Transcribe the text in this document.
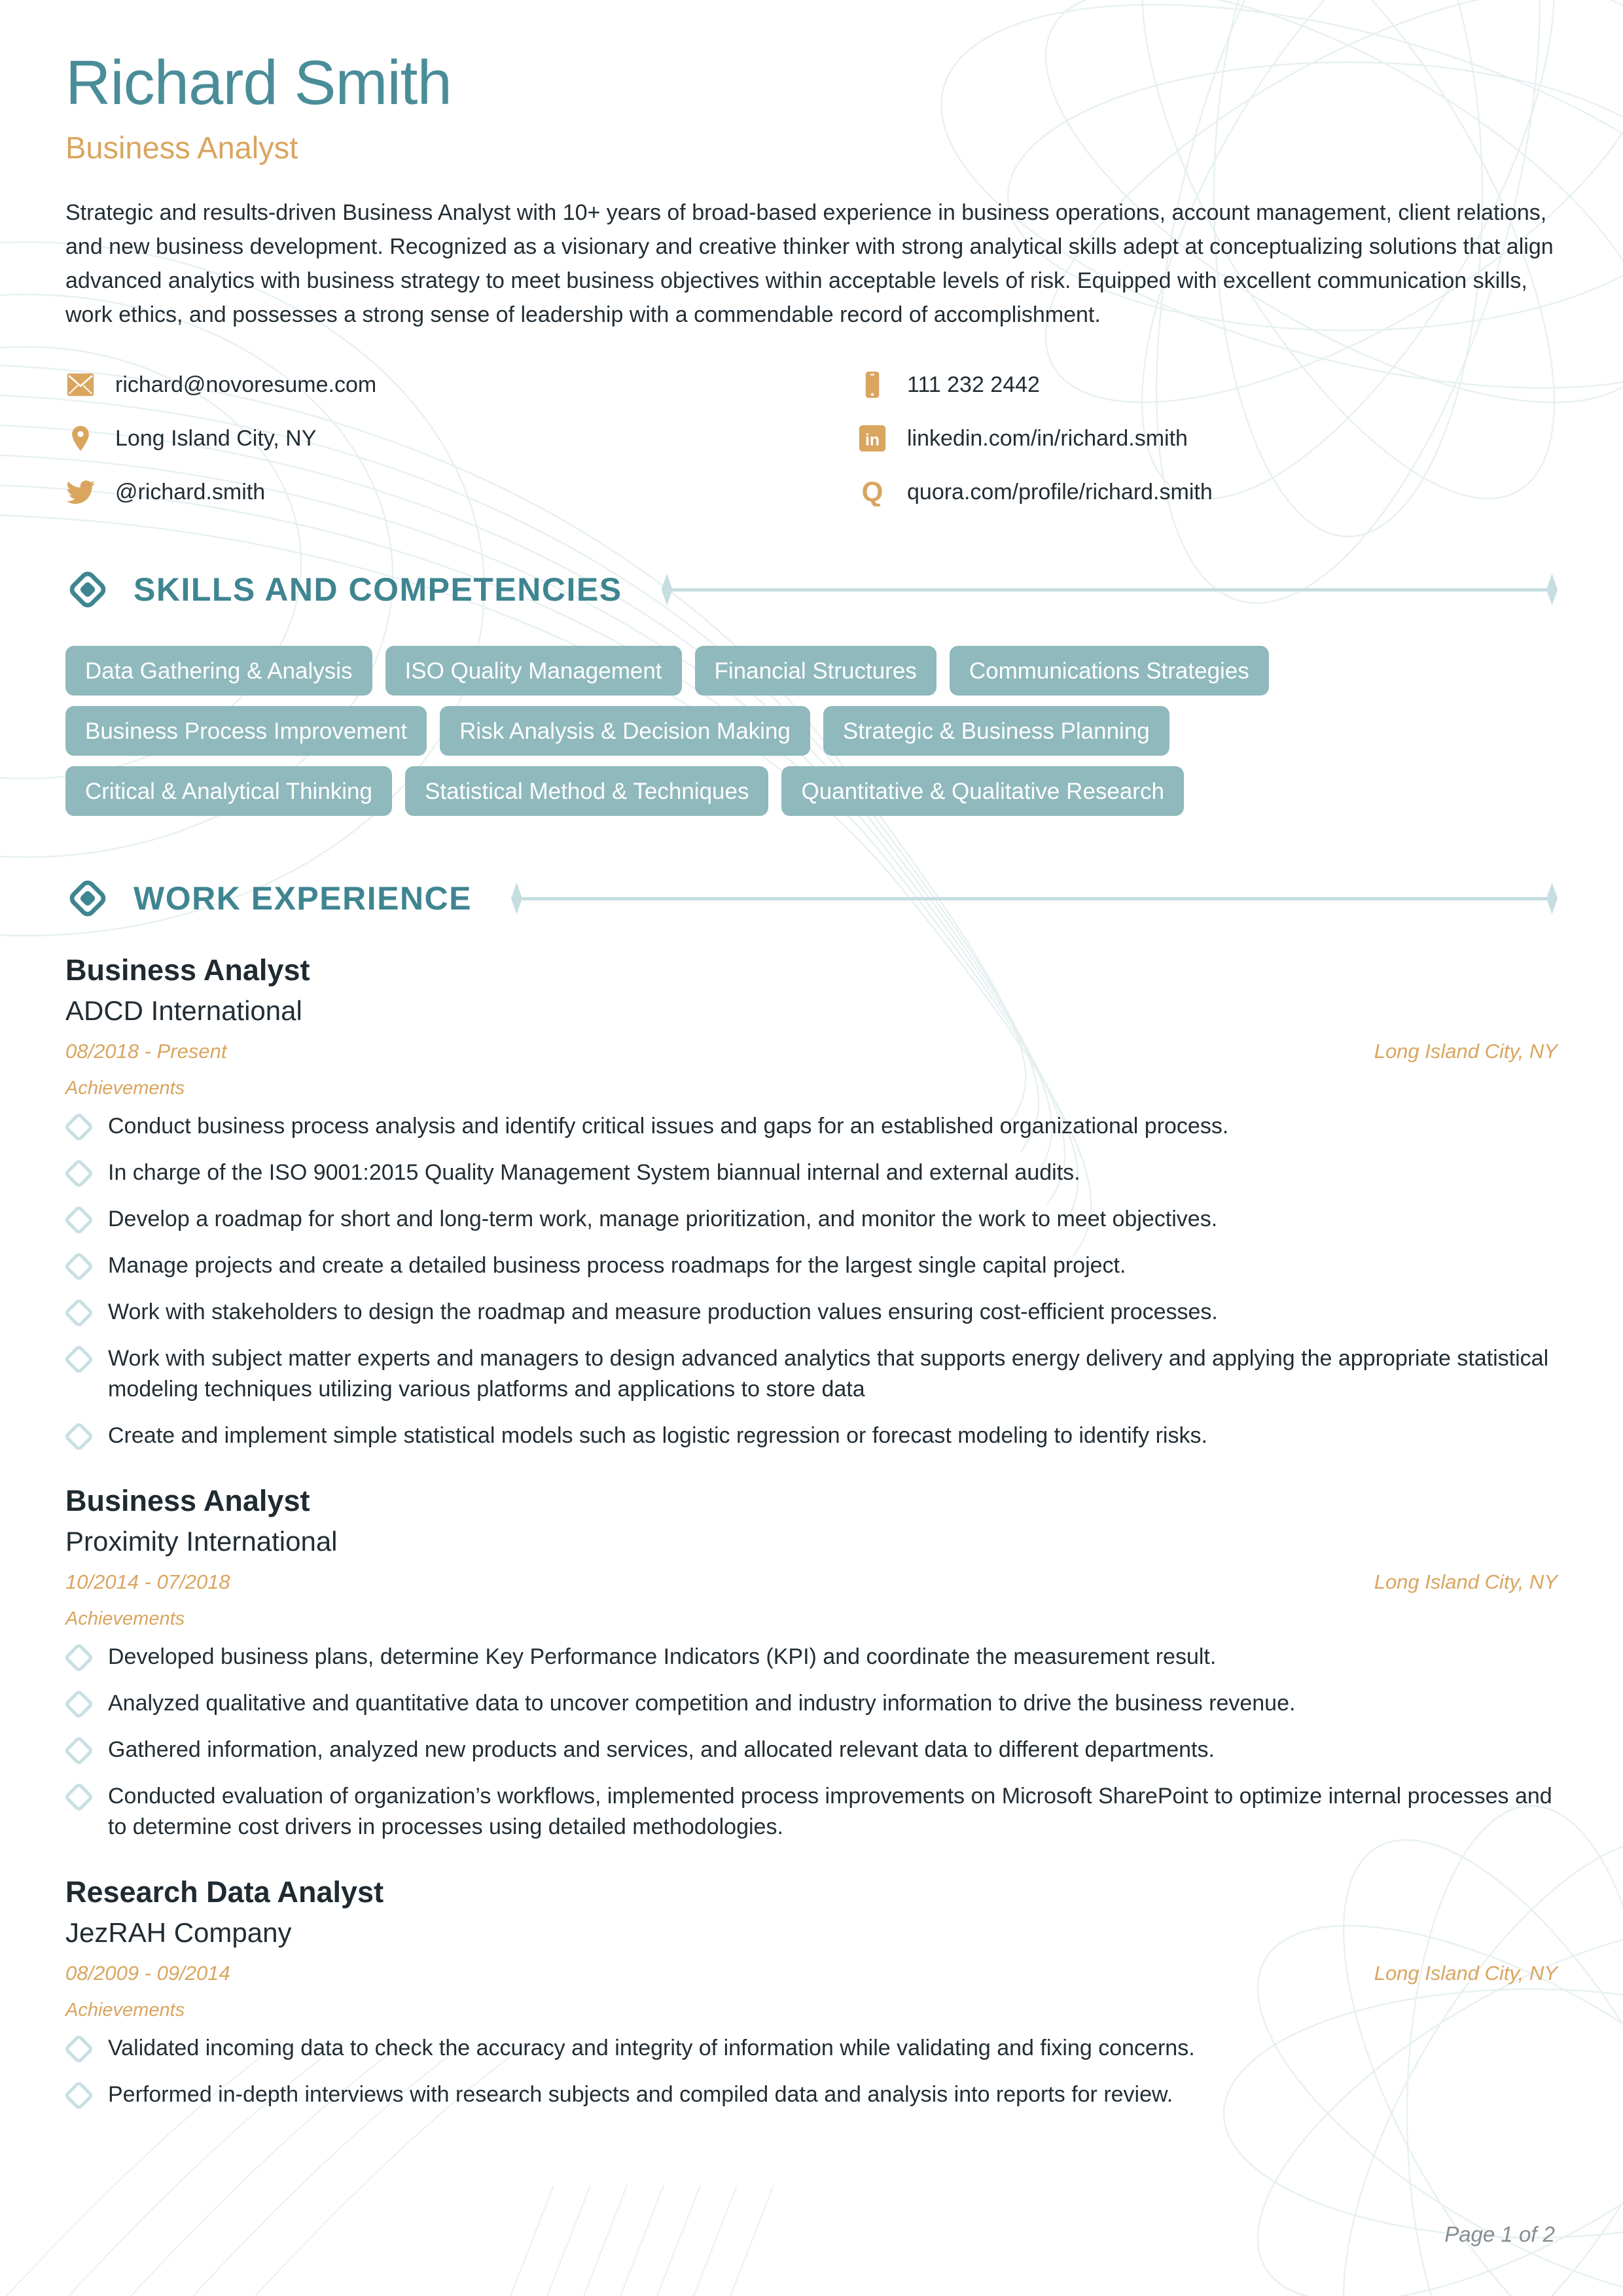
Richard Smith
Business Analyst

Strategic and results-driven Business Analyst with 10+ years of broad-based experience in business operations, account management, client relations, and new business development. Recognized as a visionary and creative thinker with strong analytical skills adept at conceptualizing solutions that align advanced analytics with business strategy to meet business objectives within acceptable levels of risk. Equipped with excellent communication skills, work ethics, and possesses a strong sense of leadership with a commendable record of accomplishment.

richard@novoresume.com
Long Island City, NY
@richard.smith
111 232 2442
in linkedin.com/in/richard.smith
Q quora.com/profile/richard.smith
SKILLS AND COMPETENCIES
Data Gathering & Analysis	ISO Quality Management	Financial Structures	Communications Strategies
Business Process Improvement	Risk Analysis & Decision Making	Strategic & Business Planning
Critical & Analytical Thinking	Statistical Method & Techniques	Quantitative & Qualitative Research
WORK EXPERIENCE
Business Analyst
ADCD International
08/2018 - Present	Long Island City, NY
Achievements
Conduct business process analysis and identify critical issues and gaps for an established organizational process.
In charge of the ISO 9001:2015 Quality Management System biannual internal and external audits.
Develop a roadmap for short and long-term work, manage prioritization, and monitor the work to meet objectives.
Manage projects and create a detailed business process roadmaps for the largest single capital project.
Work with stakeholders to design the roadmap and measure production values ensuring cost-efficient processes.
Work with subject matter experts and managers to design advanced analytics that supports energy delivery and applying the appropriate statistical modeling techniques utilizing various platforms and applications to store data
Create and implement simple statistical models such as logistic regression or forecast modeling to identify risks.
Business Analyst
Proximity International
10/2014 - 07/2018	Long Island City, NY
Achievements
Developed business plans, determine Key Performance Indicators (KPI) and coordinate the measurement result.
Analyzed qualitative and quantitative data to uncover competition and industry information to drive the business revenue.
Gathered information, analyzed new products and services, and allocated relevant data to different departments.
Conducted evaluation of organization’s workflows, implemented process improvements on Microsoft SharePoint to optimize internal processes and to determine cost drivers in processes using detailed methodologies.
Research Data Analyst
JezRAH Company
08/2009 - 09/2014	Long Island City, NY
Achievements
Validated incoming data to check the accuracy and integrity of information while validating and fixing concerns.
Performed in-depth interviews with research subjects and compiled data and analysis into reports for review.
Page 1 of 2
